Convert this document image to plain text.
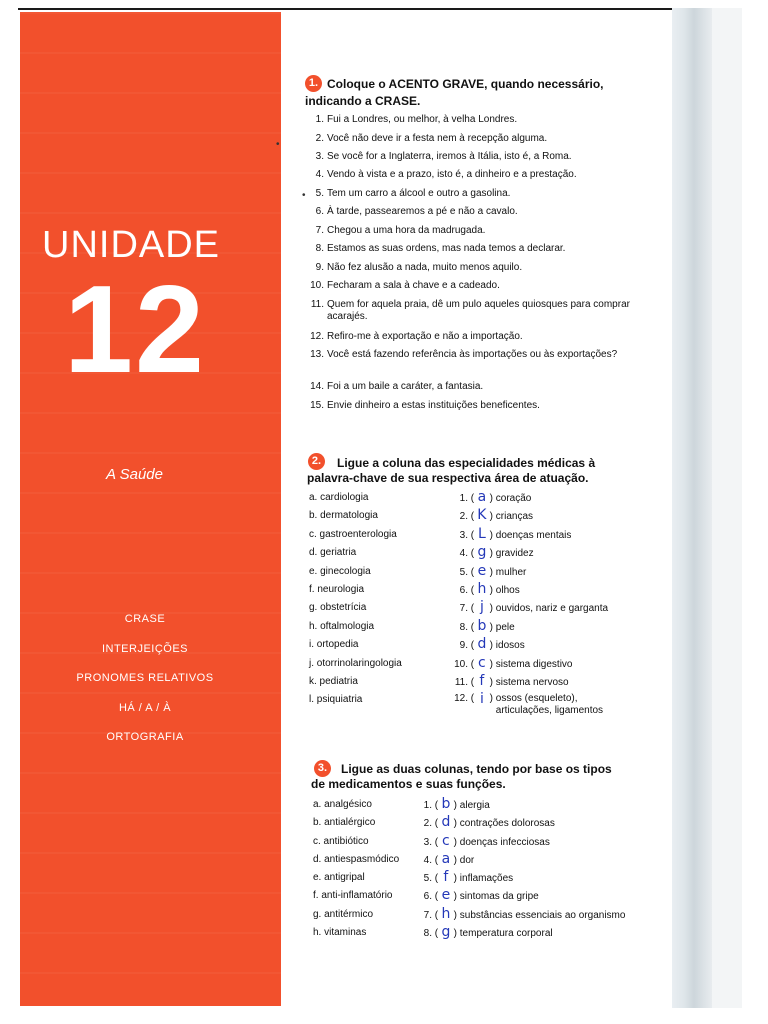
UNIDADE
12
A Saúde
CRASE
INTERJEIÇÕES
PRONOMES RELATIVOS
HÁ / A / À
ORTOGRAFIA
1. Coloque o ACENTO GRAVE, quando necessário,
indicando a CRASE.
1. Fui a Londres, ou melhor, à velha Londres.
2. Você não deve ir a festa nem à recepção alguma.
3. Se você for a Inglaterra, iremos à Itália, isto é, a Roma.
4. Vendo à vista e a prazo, isto é, a dinheiro e a prestação.
5. Tem um carro a álcool e outro a gasolina.
6. À tarde, passearemos a pé e não a cavalo.
7. Chegou a uma hora da madrugada.
8. Estamos as suas ordens, mas nada temos a declarar.
9. Não fez alusão a nada, muito menos aquilo.
10. Fecharam a sala à chave e a cadeado.
11. Quem for aquela praia, dê um pulo aqueles quiosques para comprar acarajés.
12. Refiro-me à exportação e não a importação.
13. Você está fazendo referência às importações ou às exportações?
14. Foi a um baile a caráter, a fantasia.
15. Envie dinheiro a estas instituições beneficentes.
•
•
2.	Ligue a coluna das especialidades médicas à
palavra-chave de sua respectiva área de atuação.
a. cardiologia
b. dermatologia
c. gastroenterologia
d. geriatria
e. ginecologia
f. neurologia
g. obstetrícia
h. oftalmologia
i. ortopedia
j. otorrinolaringologia
k. pediatria
l. psiquiatria
1. ( a ) coração
2. ( K ) crianças
3. ( L ) doenças mentais
4. ( g ) gravidez
5. ( e ) mulher
6. ( h ) olhos
7. ( j ) ouvidos, nariz e garganta
8. ( b ) pele
9. ( d ) idosos
10. ( c ) sistema digestivo
11. ( f ) sistema nervoso
12. ( i ) ossos (esqueleto), articulações, ligamentos
3.	Ligue as duas colunas, tendo por base os tipos
de medicamentos e suas funções.
a. analgésico
b. antialérgico
c. antibiótico
d. antiespasmódico
e. antigripal
f. anti-inflamatório
g. antitérmico
h. vitaminas
1. ( b ) alergia
2. ( d ) contrações dolorosas
3. ( c ) doenças infecciosas
4. ( a ) dor
5. ( f ) inflamações
6. ( e ) sintomas da gripe
7. ( h ) substâncias essenciais ao organismo
8. ( g ) temperatura corporal
